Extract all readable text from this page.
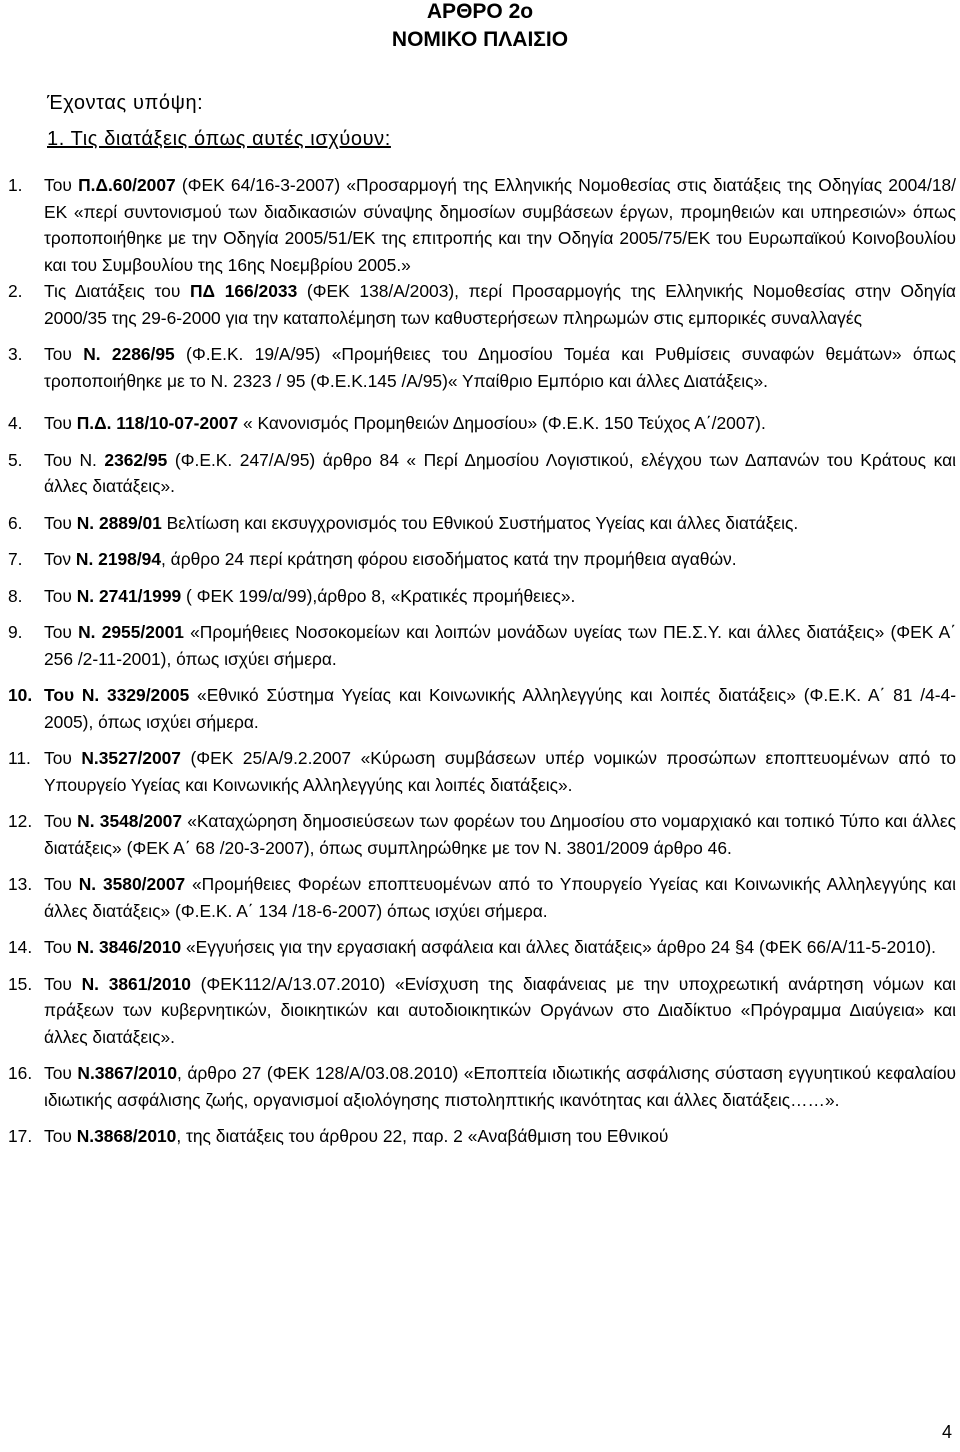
ΑΡΘΡΟ 2ο
ΝΟΜΙΚΟ ΠΛΑΙΣΙΟ
Έχοντας υπόψη:
1. Τις διατάξεις όπως αυτές ισχύουν:
1.	Του Π.Δ.60/2007 (ΦΕΚ 64/16-3-2007) «Προσαρμογή της Ελληνικής Νομοθεσίας στις διατάξεις της Οδηγίας 2004/18/ΕΚ «περί συντονισμού των διαδικασιών σύναψης δημοσίων συμβάσεων έργων, προμηθειών και υπηρεσιών» όπως τροποποιήθηκε με την Οδηγία 2005/51/ΕΚ της επιτροπής και την Οδηγία 2005/75/ΕΚ του Ευρωπαϊκού Κοινοβουλίου και του Συμβουλίου της 16ης Νοεμβρίου 2005.»
2.	Τις Διατάξεις του ΠΔ 166/2033 (ΦΕΚ 138/Α/2003), περί Προσαρμογής της Ελληνικής Νομοθεσίας στην Οδηγία 2000/35 της 29-6-2000 για την καταπολέμηση των καθυστερήσεων πληρωμών στις εμπορικές συναλλαγές
3.	Του Ν. 2286/95 (Φ.Ε.Κ. 19/Α/95) «Προμήθειες του Δημοσίου Τομέα και Ρυθμίσεις συναφών θεμάτων» όπως τροποποιήθηκε με το Ν. 2323 / 95 (Φ.Ε.Κ.145 /Α/95)« Υπαίθριο Εμπόριο και άλλες Διατάξεις».
4.	Του Π.Δ. 118/10-07-2007 « Κανονισμός Προμηθειών Δημοσίου» (Φ.Ε.Κ. 150 Τεύχος Α΄/2007).
5.	Του Ν. 2362/95 (Φ.Ε.Κ. 247/Α/95) άρθρο 84 « Περί Δημοσίου Λογιστικού, ελέγχου των Δαπανών του Κράτους και άλλες διατάξεις».
6.	Του Ν. 2889/01 Βελτίωση και εκσυγχρονισμός του Εθνικού Συστήματος Υγείας και άλλες διατάξεις.
7.	Τον Ν. 2198/94, άρθρο 24 περί κράτηση φόρου εισοδήματος κατά την προμήθεια αγαθών.
8.	Του Ν. 2741/1999 ( ΦΕΚ 199/α/99),άρθρο 8, «Κρατικές προμήθειες».
9.	Του Ν. 2955/2001 «Προμήθειες Νοσοκομείων και λοιπών μονάδων υγείας των ΠΕ.Σ.Υ. και άλλες διατάξεις» (ΦΕΚ Α΄ 256 /2-11-2001), όπως ισχύει σήμερα.
10. Του Ν. 3329/2005 «Εθνικό Σύστημα Υγείας και Κοινωνικής Αλληλεγγύης και λοιπές διατάξεις» (Φ.Ε.Κ. Α΄ 81 /4-4-2005), όπως ισχύει σήμερα.
11. Του Ν.3527/2007 (ΦΕΚ 25/Α/9.2.2007 «Κύρωση συμβάσεων υπέρ νομικών προσώπων εποπτευομένων από το Υπουργείο Υγείας και Κοινωνικής Αλληλεγγύης και λοιπές διατάξεις».
12. Του Ν. 3548/2007 «Καταχώρηση δημοσιεύσεων των φορέων του Δημοσίου στο νομαρχιακό και τοπικό Τύπο και άλλες διατάξεις» (ΦΕΚ Α΄ 68 /20-3-2007), όπως συμπληρώθηκε με τον Ν. 3801/2009 άρθρο 46.
13. Του Ν. 3580/2007 «Προμήθειες Φορέων εποπτευομένων από το Υπουργείο Υγείας και Κοινωνικής Αλληλεγγύης και άλλες διατάξεις» (Φ.Ε.Κ. Α΄ 134 /18-6-2007) όπως ισχύει σήμερα.
14. Του Ν. 3846/2010 «Εγγυήσεις για την εργασιακή ασφάλεια και άλλες διατάξεις» άρθρο 24 §4 (ΦΕΚ 66/Α/11-5-2010).
15. Του Ν. 3861/2010 (ΦΕΚ112/Α/13.07.2010) «Ενίσχυση της διαφάνειας με την υποχρεωτική ανάρτηση νόμων και πράξεων των κυβερνητικών, διοικητικών και αυτοδιοικητικών Οργάνων στο Διαδίκτυο «Πρόγραμμα Διαύγεια» και άλλες διατάξεις».
16. Του Ν.3867/2010, άρθρο 27 (ΦΕΚ 128/Α/03.08.2010) «Εποπτεία ιδιωτικής ασφάλισης σύσταση εγγυητικού κεφαλαίου ιδιωτικής ασφάλισης ζωής, οργανισμοί αξιολόγησης πιστοληπτικής ικανότητας και άλλες διατάξεις……».
17. Του Ν.3868/2010, της διατάξεις του άρθρου 22, παρ. 2 «Αναβάθμιση του Εθνικού
4
